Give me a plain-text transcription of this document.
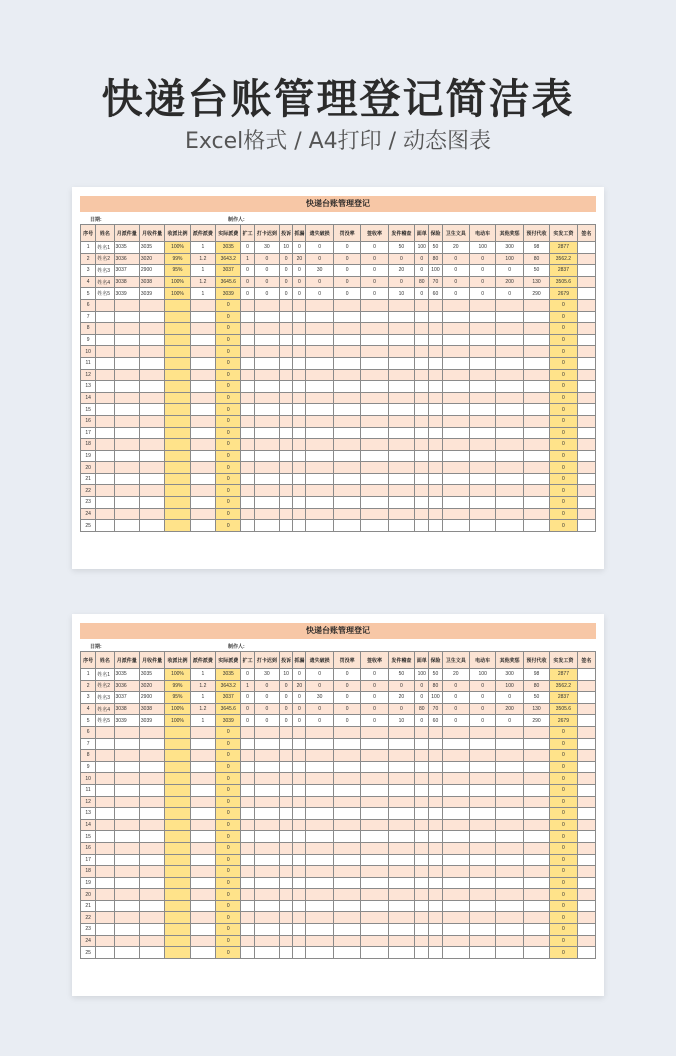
快递台账管理登记简洁表
Excel格式 / A4打印 / 动态图表
快递台账管理登记
日期:	制作人:
序号	姓名	月派件量	月收件量	收派比例	派件派费	实际派费	扩工	打卡迟到	投诉	抓漏	遗失破损	罚没率	签收率	发件稽查	面单	保险	卫生文具	电动车	其他奖惩	预付代收	实发工资	签名
1	姓名1	3035	3035	100%	1	3035	0	30	10	0	0	0	0	50	100	50	20	100	300	98	2877	
2	姓名2	3036	3020	99%	1.2	3643.2	1	0	0	20	0	0	0	0	0	80	0	0	100	80	3562.2	
3	姓名3	3037	2900	95%	1	3037	0	0	0	0	30	0	0	20	0	100	0	0	0	50	2837	
4	姓名4	3038	3038	100%	1.2	3645.6	0	0	0	0	0	0	0	0	80	70	0	0	200	130	3505.6	
5	姓名5	3039	3039	100%	1	3039	0	0	0	0	0	0	0	10	0	60	0	0	0	290	2679	
6						0															0	
7						0															0	
8						0															0	
9						0															0	
10						0															0	
11						0															0	
12						0															0	
13						0															0	
14						0															0	
15						0															0	
16						0															0	
17						0															0	
18						0															0	
19						0															0	
20						0															0	
21						0															0	
22						0															0	
23						0															0	
24						0															0	
25						0															0	
快递台账管理登记
日期:	制作人:
序号	姓名	月派件量	月收件量	收派比例	派件派费	实际派费	扩工	打卡迟到	投诉	抓漏	遗失破损	罚没率	签收率	发件稽查	面单	保险	卫生文具	电动车	其他奖惩	预付代收	实发工资	签名
1	姓名1	3035	3035	100%	1	3035	0	30	10	0	0	0	0	50	100	50	20	100	300	98	2877	
2	姓名2	3036	3020	99%	1.2	3643.2	1	0	0	20	0	0	0	0	0	80	0	0	100	80	3562.2	
3	姓名3	3037	2900	95%	1	3037	0	0	0	0	30	0	0	20	0	100	0	0	0	50	2837	
4	姓名4	3038	3038	100%	1.2	3645.6	0	0	0	0	0	0	0	0	80	70	0	0	200	130	3505.6	
5	姓名5	3039	3039	100%	1	3039	0	0	0	0	0	0	0	10	0	60	0	0	0	290	2679	
6						0															0	
7						0															0	
8						0															0	
9						0															0	
10						0															0	
11						0															0	
12						0															0	
13						0															0	
14						0															0	
15						0															0	
16						0															0	
17						0															0	
18						0															0	
19						0															0	
20						0															0	
21						0															0	
22						0															0	
23						0															0	
24						0															0	
25						0															0	
